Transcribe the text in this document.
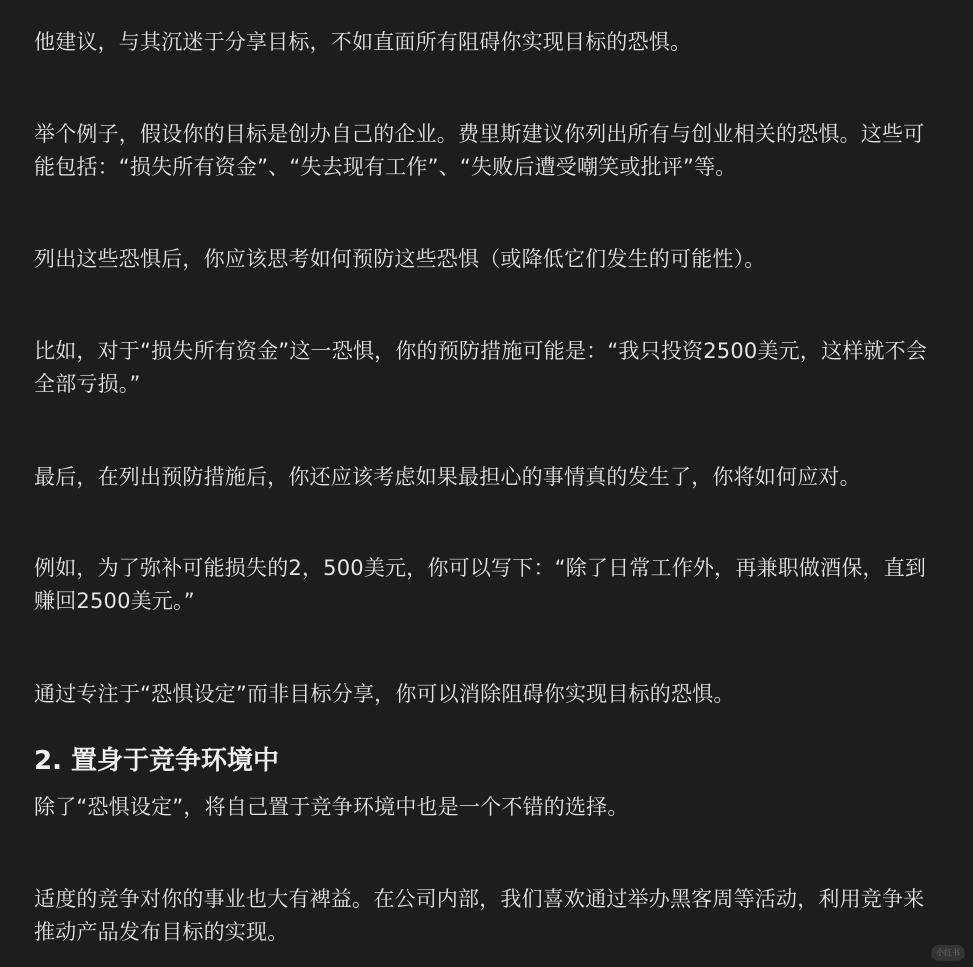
他建议，与其沉迷于分享目标，不如直面所有阻碍你实现目标的恐惧。

举个例子，假设你的目标是创办自己的企业。费里斯建议你列出所有与创业相关的恐惧。这些可能包括：“损失所有资金”、“失去现有工作”、“失败后遭受嘲笑或批评”等。

列出这些恐惧后，你应该思考如何预防这些恐惧（或降低它们发生的可能性）。

比如，对于“损失所有资金”这一恐惧，你的预防措施可能是：“我只投资2500美元，这样就不会全部亏损。”

最后，在列出预防措施后，你还应该考虑如果最担心的事情真的发生了，你将如何应对。

例如，为了弥补可能损失的2，500美元，你可以写下：“除了日常工作外，再兼职做酒保，直到赚回2500美元。”

通过专注于“恐惧设定”而非目标分享，你可以消除阻碍你实现目标的恐惧。

2. 置身于竞争环境中

除了“恐惧设定”，将自己置于竞争环境中也是一个不错的选择。

适度的竞争对你的事业也大有裨益。在公司内部，我们喜欢通过举办黑客周等活动，利用竞争来推动产品发布目标的实现。

小红书
